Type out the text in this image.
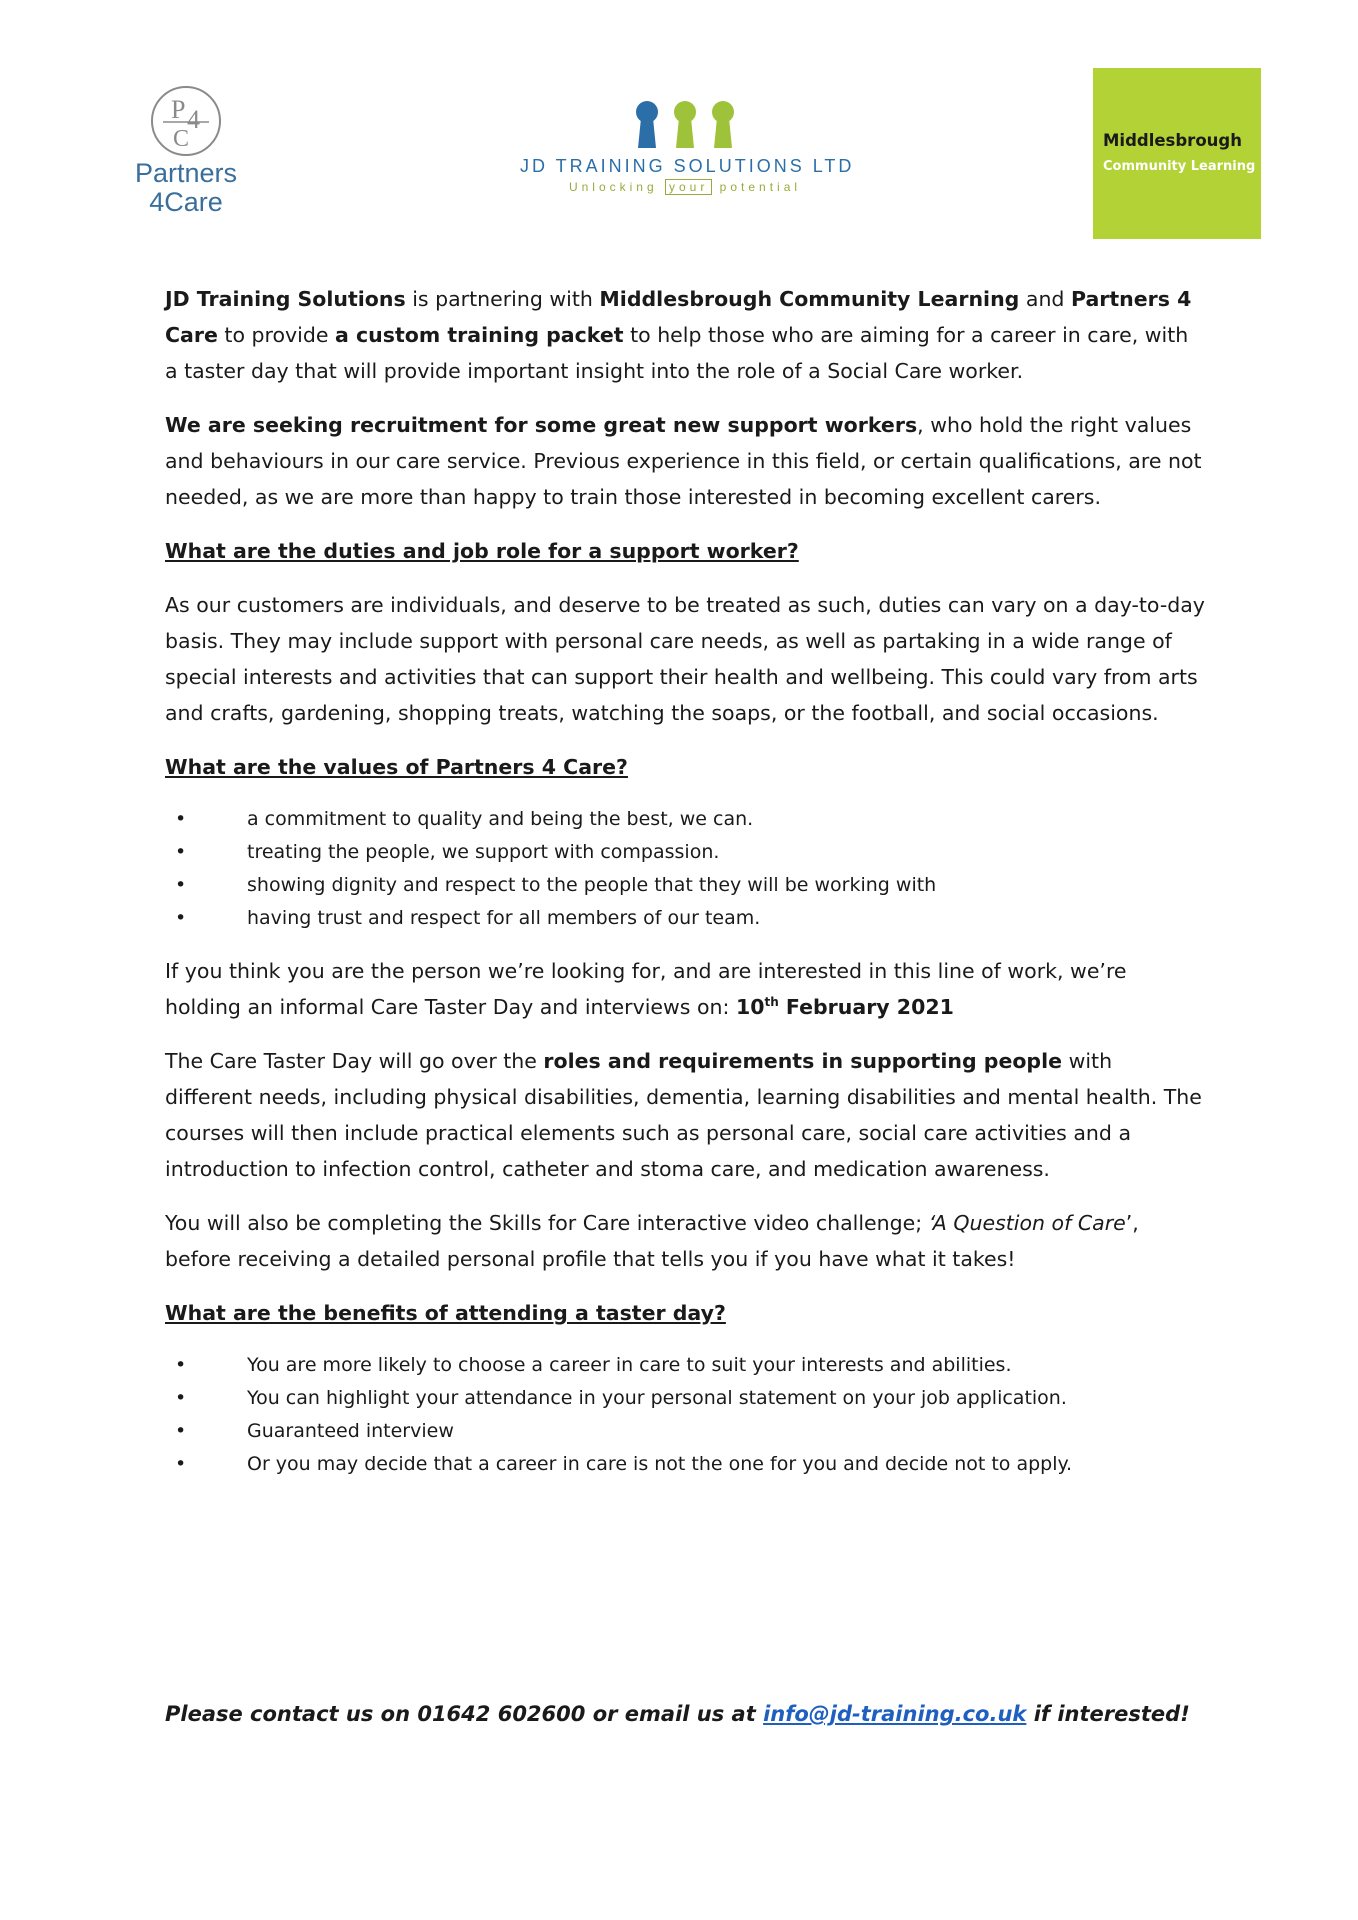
P 4
C
Partners
4Care
JD TRAINING SOLUTIONS LTD
Unlocking your potential
Middlesbrough
Community Learning

JD Training Solutions is partnering with Middlesbrough Community Learning and Partners 4 Care to provide a custom training packet to help those who are aiming for a career in care, with a taster day that will provide important insight into the role of a Social Care worker.

We are seeking recruitment for some great new support workers, who hold the right values and behaviours in our care service. Previous experience in this field, or certain qualifications, are not needed, as we are more than happy to train those interested in becoming excellent carers.

What are the duties and job role for a support worker?

As our customers are individuals, and deserve to be treated as such, duties can vary on a day-to-day basis. They may include support with personal care needs, as well as partaking in a wide range of special interests and activities that can support their health and wellbeing. This could vary from arts and crafts, gardening, shopping treats, watching the soaps, or the football, and social occasions.

What are the values of Partners 4 Care?
•	a commitment to quality and being the best, we can.
•	treating the people, we support with compassion.
•	showing dignity and respect to the people that they will be working with
•	having trust and respect for all members of our team.

If you think you are the person we’re looking for, and are interested in this line of work, we’re holding an informal Care Taster Day and interviews on: 10th February 2021

The Care Taster Day will go over the roles and requirements in supporting people with different needs, including physical disabilities, dementia, learning disabilities and mental health. The courses will then include practical elements such as personal care, social care activities and a introduction to infection control, catheter and stoma care, and medication awareness.

You will also be completing the Skills for Care interactive video challenge; ‘A Question of Care’, before receiving a detailed personal profile that tells you if you have what it takes!

What are the benefits of attending a taster day?
•	You are more likely to choose a career in care to suit your interests and abilities.
•	You can highlight your attendance in your personal statement on your job application.
•	Guaranteed interview
•	Or you may decide that a career in care is not the one for you and decide not to apply.
Please contact us on 01642 602600 or email us at info@jd-training.co.uk if interested!
